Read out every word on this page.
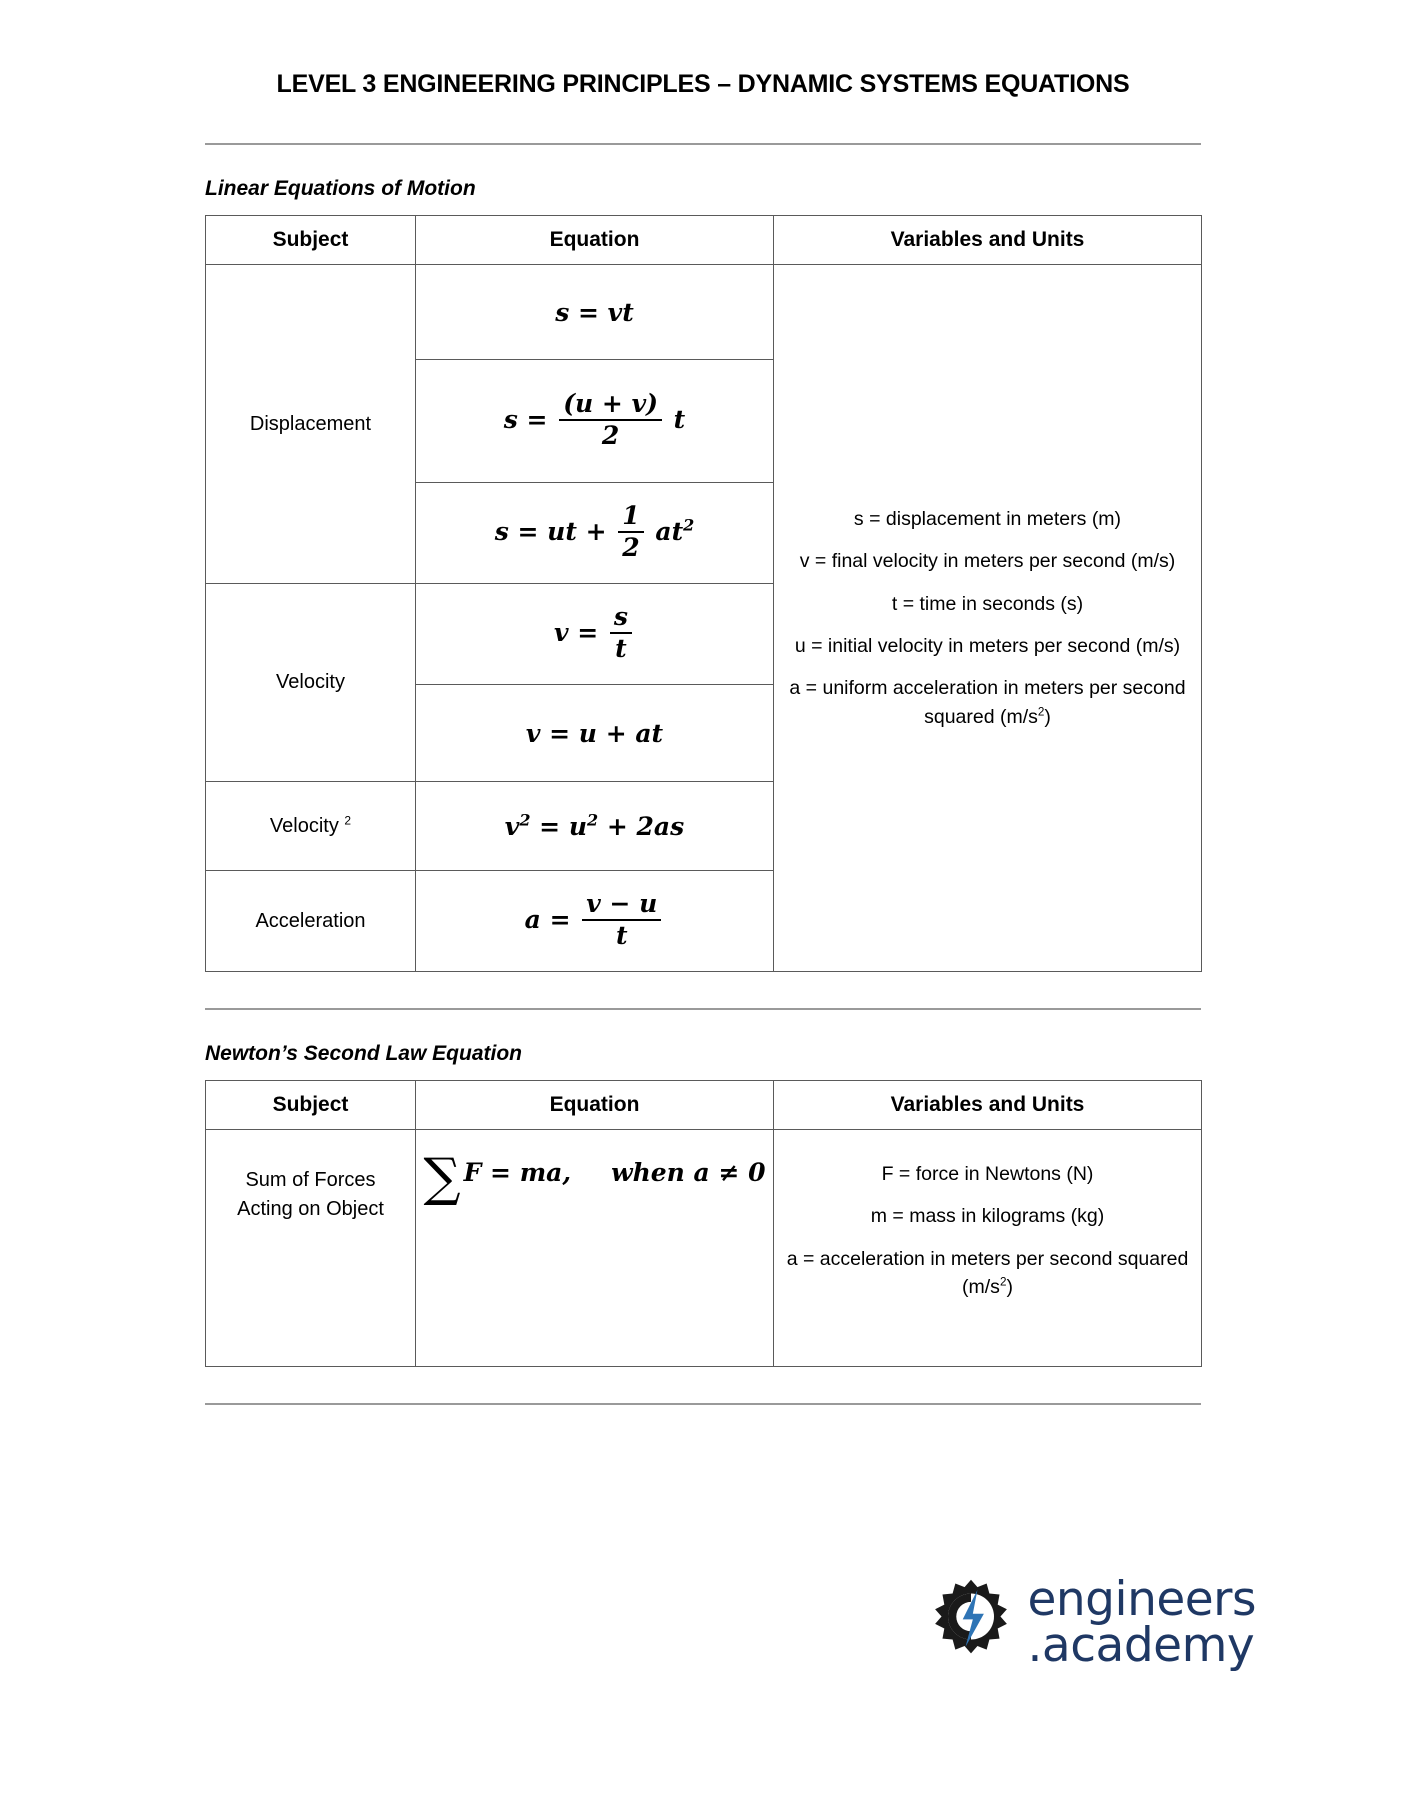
LEVEL 3 ENGINEERING PRINCIPLES – DYNAMIC SYSTEMS EQUATIONS
Linear Equations of Motion
Subject	Equation	Variables and Units
Displacement	s = vt	s = displacement in meters (m)

v = final velocity in meters per second (m/s)

t = time in seconds (s)

u = initial velocity in meters per second (m/s)

a = uniform acceleration in meters per second squared $(m/s^2)$

	$s = \frac{(u + v)}{2}$ t	
	s = ut + $\frac{1}{2} at^2$
Velocity	$v = \frac{s}{t}$

	v = u + at	
Velocity $^2$	$v^2 = u^2 + 2as$	
Acceleration	$a = \frac{v - u}{t}$
Newton’s Second Law Equation
Subject	Equation	Variables and Units
Sum of Forces
Acting on Object	∑ F = ma, when a ≠ 0	F = force in Newtons (N)

m = mass in kilograms (kg)

a = acceleration in meters per second squared $(m/s^2)$

engineers
.academy
